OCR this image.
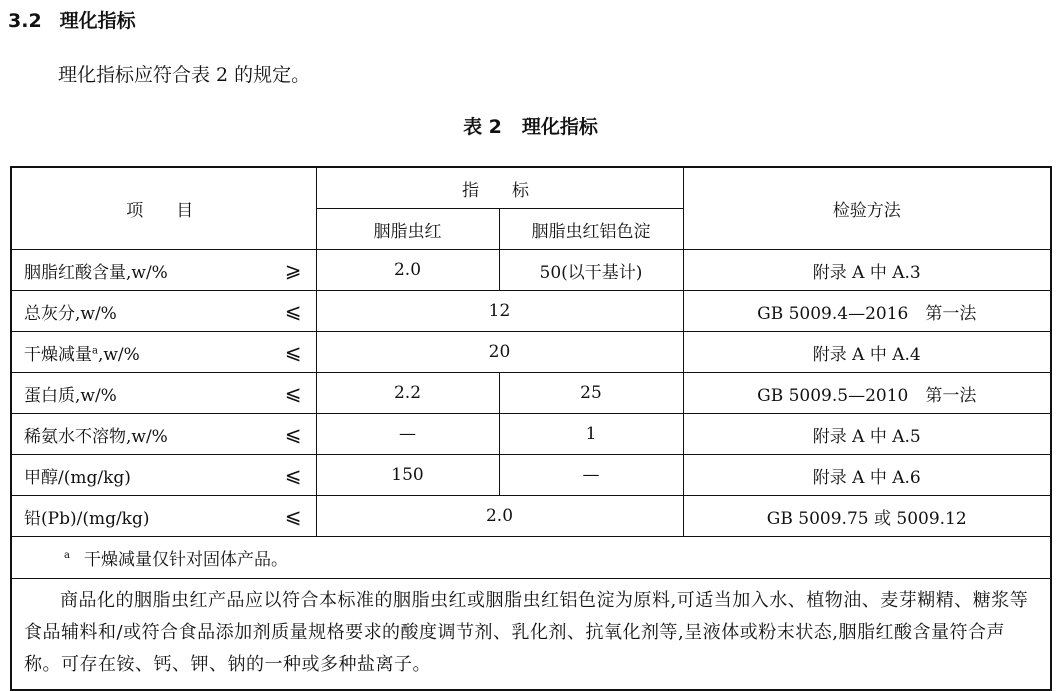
3.2 理化指标
理化指标应符合表 2 的规定。
表 2 理化指标
项　目	指　标		检验方法
	胭脂虫红	胭脂虫红铝色淀	
胭脂红酸含量,w/% ⩾	2.0	50(以干基计)	附录 A 中 A.3
总灰分,w/% ⩽	12		GB 5009.4—2016　第一法
干燥减量$^a$,w/% ⩽	20		附录 A 中 A.4
蛋白质,w/% ⩽	2.2	25	GB 5009.5—2010　第一法
稀氨水不溶物,w/% ⩽	—	1	附录 A 中 A.5
甲醇/(mg/kg) ⩽	150	—	附录 A 中 A.6
铅(Pb)/(mg/kg) ⩽	2.0		GB 5009.75 或 5009.12
$^a$ 干燥减量仅针对固体产品。			
商品化的胭脂虫红产品应以符合本标准的胭脂虫红或胭脂虫红铝色淀为原料,可适当加入水、植物油、麦芽糊精、糖浆等食品辅料和/或符合食品添加剂质量规格要求的酸度调节剂、乳化剂、抗氧化剂等,呈液体或粉末状态,胭脂红酸含量符合声称。可存在铵、钙、钾、钠的一种或多种盐离子。			
